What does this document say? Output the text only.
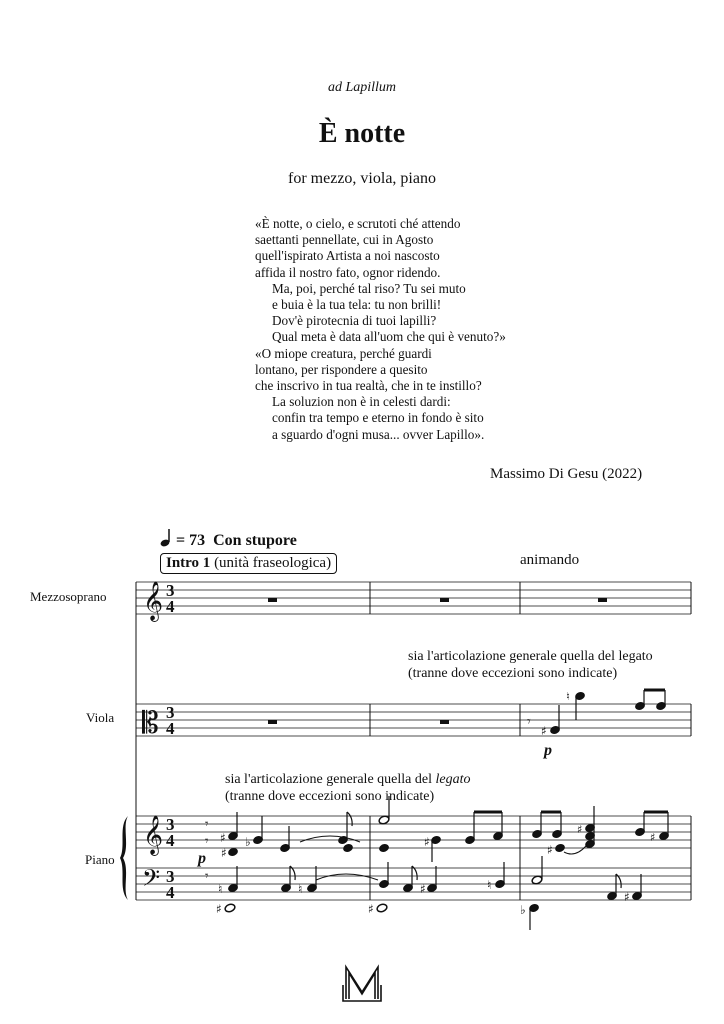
ad Lapillum
È notte
for mezzo, viola, piano
«È notte, o cielo, e scrutoti ché attendo
saettanti pennellate, cui in Agosto
quell'ispirato Artista a noi nascosto
affida il nostro fato, ognor ridendo.
Ma, poi, perché tal riso? Tu sei muto
e buia è la tua tela: tu non brilli!
Dov'è pirotecnia di tuoi lapilli?
Qual meta è data all'uom che qui è venuto?»
«O miope creatura, perché guardi
lontano, per rispondere a quesito
che inscrivo in tua realtà, che in te instillo?
La soluzion non è in celesti dardi:
confin tra tempo e eterno in fondo è sito
a sguardo d'ogni musa... ovver Lapillo».
Massimo Di Gesu (2022)
= 73 Con stupore
Intro 1 (unità fraseologica)	animando
Mezzosoprano
Viola
Piano
sia l'articolazione generale quella del legato
(tranne dove eccezioni sono indicate)
sia l'articolazione generale quella del legato
(tranne dove eccezioni sono indicate)
p
p
𝄞
𝄡
𝄞
𝄢
3
4
3
4
3
4
3
4
𝄾
♯
♮
𝄾
𝄾 ♯
♯
♭	♯
♯
♯
♯
𝄾
♮
♯
♮
♯
♯	♮
♭
♯
